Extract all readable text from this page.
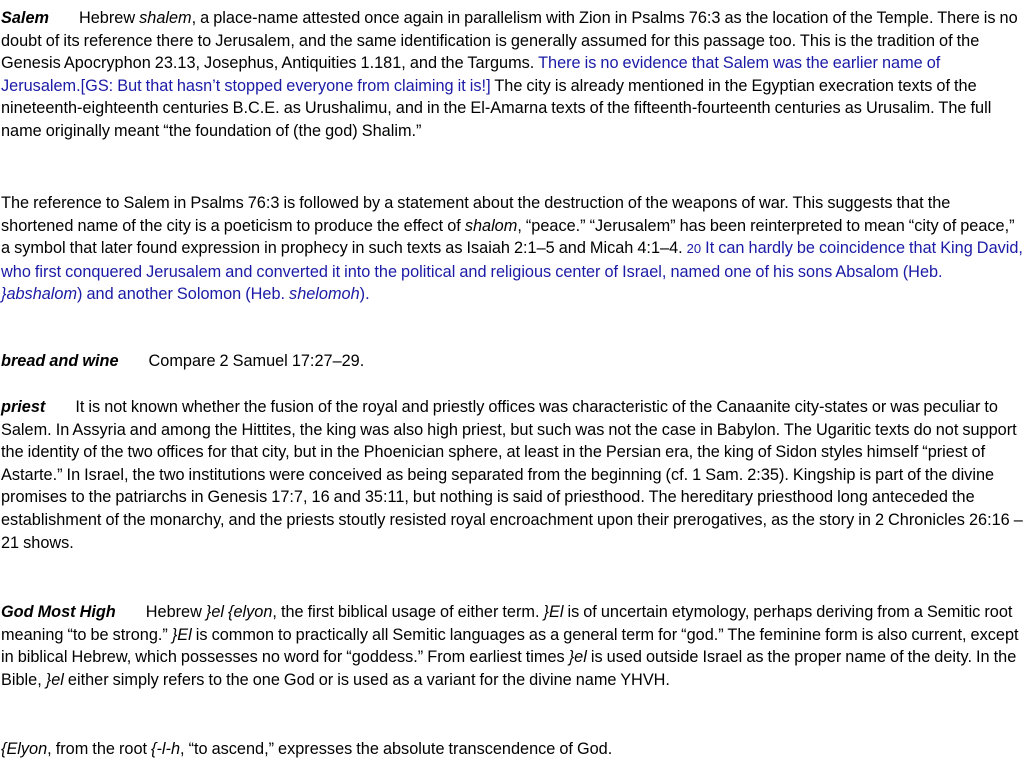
Salem Hebrew shalem, a place-name attested once again in parallelism with Zion in Psalms 76:3 as the location of the Temple. There is no doubt of its reference there to Jerusalem, and the same identification is generally assumed for this passage too. This is the tradition of the Genesis Apocryphon 23.13, Josephus, Antiquities 1.181, and the Targums. There is no evidence that Salem was the earlier name of Jerusalem.[GS: But that hasn’t stopped everyone from claiming it is!] The city is already mentioned in the Egyptian execration texts of the nineteenth-eighteenth centuries B.C.E. as Urushalimu, and in the El-Amarna texts of the fifteenth-fourteenth centuries as Urusalim. The full name originally meant “the foundation of (the god) Shalim.”

The reference to Salem in Psalms 76:3 is followed by a statement about the destruction of the weapons of war. This suggests that the shortened name of the city is a poeticism to produce the effect of shalom, “peace.” “Jerusalem” has been reinterpreted to mean “city of peace,” a symbol that later found expression in prophecy in such texts as Isaiah 2:1–5 and Micah 4:1–4. 20 It can hardly be coincidence that King David, who first conquered Jerusalem and converted it into the political and religious center of Israel, named one of his sons Absalom (Heb. }abshalom) and another Solomon (Heb. shelomoh).

bread and wine Compare 2 Samuel 17:27–29.

priest It is not known whether the fusion of the royal and priestly offices was characteristic of the Canaanite city-states or was peculiar to Salem. In Assyria and among the Hittites, the king was also high priest, but such was not the case in Babylon. The Ugaritic texts do not support the identity of the two offices for that city, but in the Phoenician sphere, at least in the Persian era, the king of Sidon styles himself “priest of Astarte.” In Israel, the two institutions were conceived as being separated from the beginning (cf. 1 Sam. 2:35). Kingship is part of the divine promises to the patriarchs in Genesis 17:7, 16 and 35:11, but nothing is said of priesthood. The hereditary priesthood long anteceded the establishment of the monarchy, and the priests stoutly resisted royal encroachment upon their prerogatives, as the story in 2 Chronicles 26:16 –21 shows.

God Most High Hebrew }el {elyon, the first biblical usage of either term. }El is of uncertain etymology, perhaps deriving from a Semitic root meaning “to be strong.” }El is common to practically all Semitic languages as a general term for “god.” The feminine form is also current, except in biblical Hebrew, which possesses no word for “goddess.” From earliest times }el is used outside Israel as the proper name of the deity. In the Bible, }el either simply refers to the one God or is used as a variant for the divine name YHVH.

{Elyon, from the root {-l-h, “to ascend,” expresses the absolute transcendence of God.
